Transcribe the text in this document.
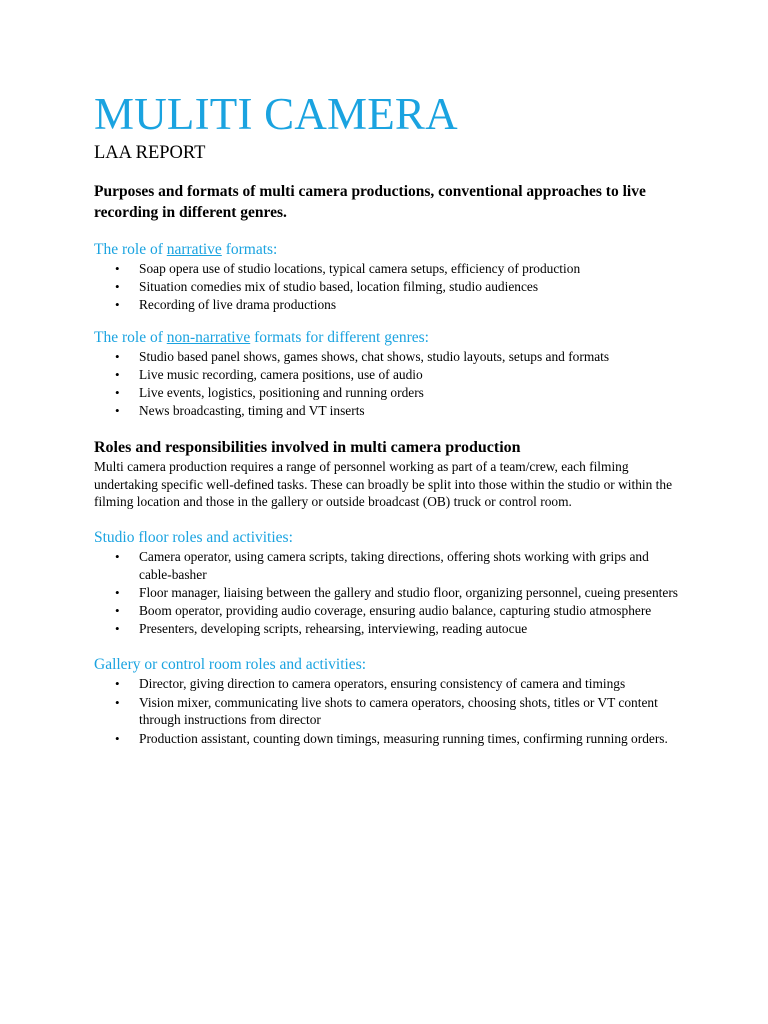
MULITI CAMERA

LAA REPORT

Purposes and formats of multi camera productions, conventional approaches to live recording in different genres.

The role of narrative formats:
• Soap opera use of studio locations, typical camera setups, efficiency of production
• Situation comedies mix of studio based, location filming, studio audiences
• Recording of live drama productions
The role of non-narrative formats for different genres:
• Studio based panel shows, games shows, chat shows, studio layouts, setups and formats
• Live music recording, camera positions, use of audio
• Live events, logistics, positioning and running orders
• News broadcasting, timing and VT inserts
Roles and responsibilities involved in multi camera production

Multi camera production requires a range of personnel working as part of a team/crew, each filming undertaking specific well-defined tasks. These can broadly be split into those within the studio or within the filming location and those in the gallery or outside broadcast (OB) truck or control room.

Studio floor roles and activities:
• Camera operator, using camera scripts, taking directions, offering shots working with grips and cable-basher
• Floor manager, liaising between the gallery and studio floor, organizing personnel, cueing presenters
• Boom operator, providing audio coverage, ensuring audio balance, capturing studio atmosphere
• Presenters, developing scripts, rehearsing, interviewing, reading autocue
Gallery or control room roles and activities:
• Director, giving direction to camera operators, ensuring consistency of camera and timings
• Vision mixer, communicating live shots to camera operators, choosing shots, titles or VT content through instructions from director
• Production assistant, counting down timings, measuring running times, confirming running orders.
